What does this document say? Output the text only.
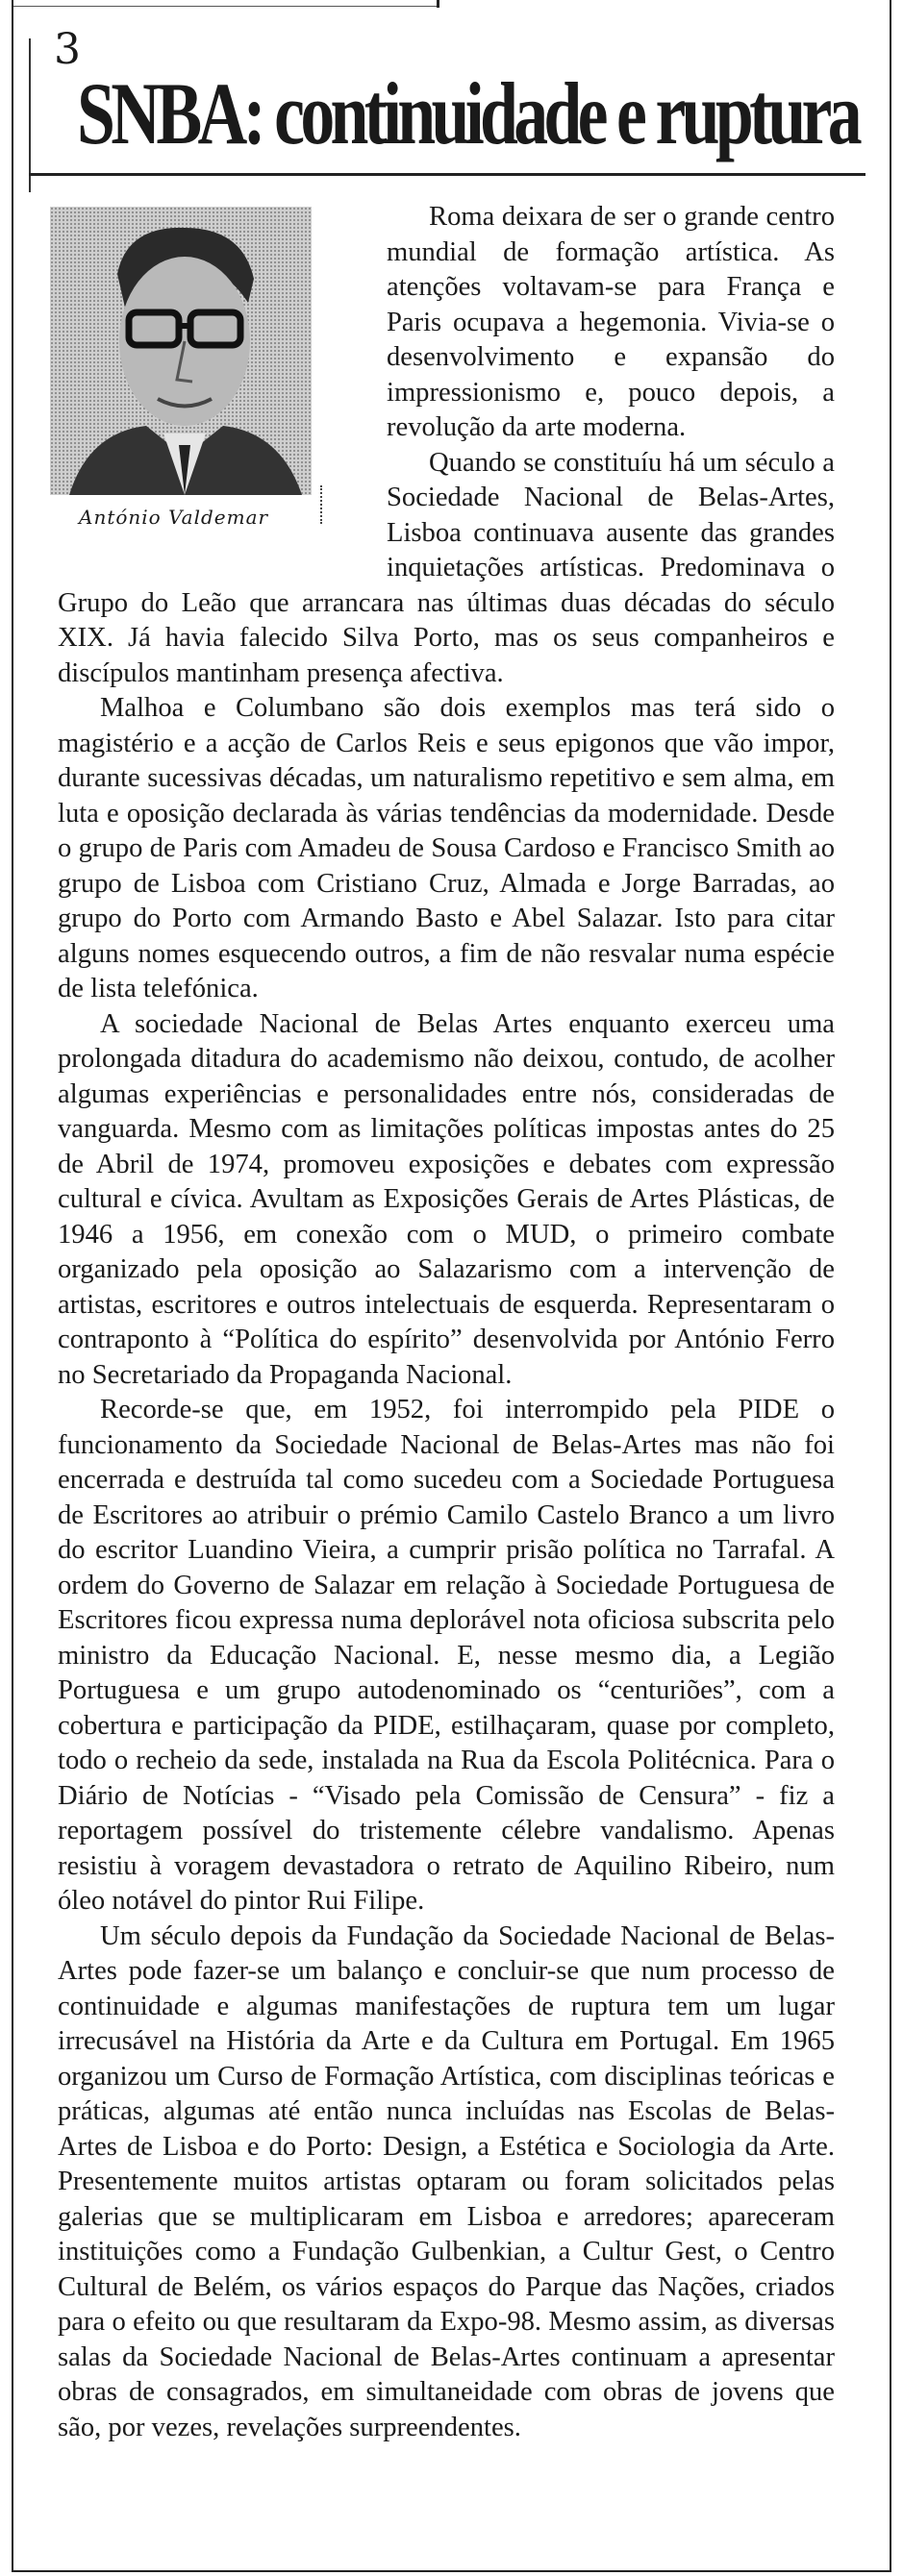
3
SNBA: continuidade e ruptura
António Valdemar

Roma deixara de ser o grande centro mundial de formação artística. As atenções voltavam-se para França e Paris ocupava a hegemonia. Vivia-se o desenvolvimento e expansão do impressionismo e, pouco depois, a revolução da arte moderna.

Quando se constituíu há um século a Sociedade Nacional de Belas-Artes, Lisboa continuava ausente das grandes inquietações artísticas. Predominava o Grupo do Leão que arrancara nas últimas duas décadas do século XIX. Já havia falecido Silva Porto, mas os seus companheiros e discípulos mantinham presença afectiva.

Malhoa e Columbano são dois exemplos mas terá sido o magistério e a acção de Carlos Reis e seus epigonos que vão impor, durante sucessivas décadas, um naturalismo repetitivo e sem alma, em luta e oposição declarada às várias tendências da modernidade. Desde o grupo de Paris com Amadeu de Sousa Cardoso e Francisco Smith ao grupo de Lisboa com Cristiano Cruz, Almada e Jorge Barradas, ao grupo do Porto com Armando Basto e Abel Salazar. Isto para citar alguns nomes esquecendo outros, a fim de não resvalar numa espécie de lista telefónica.

A sociedade Nacional de Belas Artes enquanto exerceu uma prolongada ditadura do academismo não deixou, contudo, de acolher algumas experiências e personalidades entre nós, consideradas de vanguarda. Mesmo com as limitações políticas impostas antes do 25 de Abril de 1974, promoveu exposições e debates com expressão cultural e cívica. Avultam as Exposições Gerais de Artes Plásticas, de 1946 a 1956, em conexão com o MUD, o primeiro combate organizado pela oposição ao Salazarismo com a intervenção de artistas, escritores e outros intelectuais de esquerda. Representaram o contraponto à “Política do espírito” desenvolvida por António Ferro no Secretariado da Propaganda Nacional.

Recorde-se que, em 1952, foi interrompido pela PIDE o funcionamento da Sociedade Nacional de Belas-Artes mas não foi encerrada e destruída tal como sucedeu com a Sociedade Portuguesa de Escritores ao atribuir o prémio Camilo Castelo Branco a um livro do escritor Luandino Vieira, a cumprir prisão política no Tarrafal. A ordem do Governo de Salazar em relação à Sociedade Portuguesa de Escritores ficou expressa numa deplorável nota oficiosa subscrita pelo ministro da Educação Nacional. E, nesse mesmo dia, a Legião Portuguesa e um grupo autodenominado os “centuriões”, com a cobertura e participação da PIDE, estilhaçaram, quase por completo, todo o recheio da sede, instalada na Rua da Escola Politécnica. Para o Diário de Notícias - “Visado pela Comissão de Censura” - fiz a reportagem possível do tristemente célebre vandalismo. Apenas resistiu à voragem devastadora o retrato de Aquilino Ribeiro, num óleo notável do pintor Rui Filipe.

Um século depois da Fundação da Sociedade Nacional de Belas-Artes pode fazer-se um balanço e concluir-se que num processo de continuidade e algumas manifestações de ruptura tem um lugar irrecusável na História da Arte e da Cultura em Portugal. Em 1965 organizou um Curso de Formação Artística, com disciplinas teóricas e práticas, algumas até então nunca incluídas nas Escolas de Belas-Artes de Lisboa e do Porto: Design, a Estética e Sociologia da Arte. Presentemente muitos artistas optaram ou foram solicitados pelas galerias que se multiplicaram em Lisboa e arredores; apareceram instituições como a Fundação Gulbenkian, a Cultur Gest, o Centro Cultural de Belém, os vários espaços do Parque das Nações, criados para o efeito ou que resultaram da Expo-98. Mesmo assim, as diversas salas da Sociedade Nacional de Belas-Artes continuam a apresentar obras de consagrados, em simultaneidade com obras de jovens que são, por vezes, revelações surpreendentes.
